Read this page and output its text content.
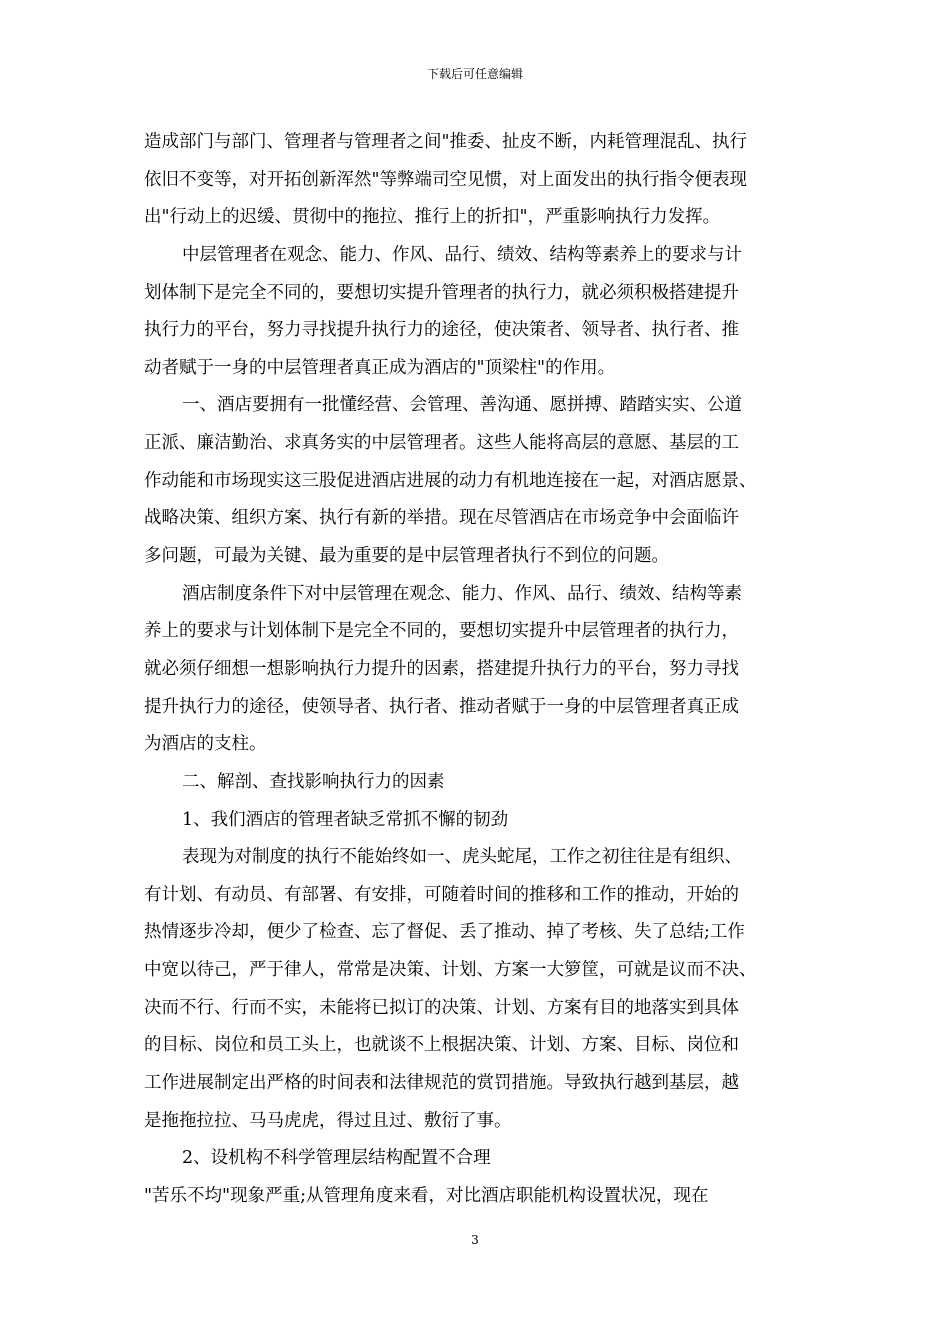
下载后可任意编辑
造成部门与部门、管理者与管理者之间"推委、扯皮不断，内耗管理混乱、执行
依旧不变等，对开拓创新浑然"等弊端司空见惯，对上面发出的执行指令便表现
出"行动上的迟缓、贯彻中的拖拉、推行上的折扣"，严重影响执行力发挥。
中层管理者在观念、能力、作风、品行、绩效、结构等素养上的要求与计
划体制下是完全不同的，要想切实提升管理者的执行力，就必须积极搭建提升
执行力的平台，努力寻找提升执行力的途径，使决策者、领导者、执行者、推
动者赋于一身的中层管理者真正成为酒店的"顶梁柱"的作用。
一、酒店要拥有一批懂经营、会管理、善沟通、愿拼搏、踏踏实实、公道
正派、廉洁勤治、求真务实的中层管理者。这些人能将高层的意愿、基层的工
作动能和市场现实这三股促进酒店进展的动力有机地连接在一起，对酒店愿景、
战略决策、组织方案、执行有新的举措。现在尽管酒店在市场竞争中会面临许
多问题，可最为关键、最为重要的是中层管理者执行不到位的问题。
酒店制度条件下对中层管理在观念、能力、作风、品行、绩效、结构等素
养上的要求与计划体制下是完全不同的，要想切实提升中层管理者的执行力，
就必须仔细想一想影响执行力提升的因素，搭建提升执行力的平台，努力寻找
提升执行力的途径，使领导者、执行者、推动者赋于一身的中层管理者真正成
为酒店的支柱。
二、解剖、查找影响执行力的因素
1、我们酒店的管理者缺乏常抓不懈的韧劲
表现为对制度的执行不能始终如一、虎头蛇尾，工作之初往往是有组织、
有计划、有动员、有部署、有安排，可随着时间的推移和工作的推动，开始的
热情逐步冷却，便少了检查、忘了督促、丢了推动、掉了考核、失了总结;工作
中宽以待己，严于律人，常常是决策、计划、方案一大箩筐，可就是议而不决、
决而不行、行而不实，未能将已拟订的决策、计划、方案有目的地落实到具体
的目标、岗位和员工头上，也就谈不上根据决策、计划、方案、目标、岗位和
工作进展制定出严格的时间表和法律规范的赏罚措施。导致执行越到基层，越
是拖拖拉拉、马马虎虎，得过且过、敷衍了事。
2、设机构不科学管理层结构配置不合理
"苦乐不均"现象严重;从管理角度来看，对比酒店职能机构设置状况，现在
3
